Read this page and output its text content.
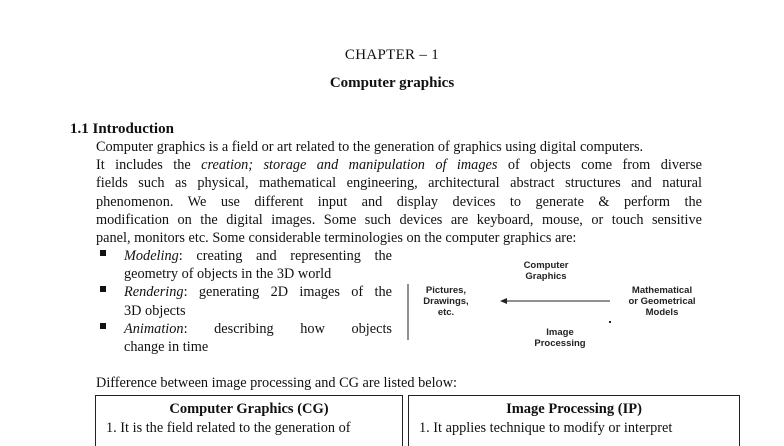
CHAPTER – 1
Computer graphics
1.1 Introduction
Computer graphics is a field or art related to the generation of graphics using digital computers.
It includes the creation; storage and manipulation of images of objects come from diverse
fields such as physical, mathematical engineering, architectural abstract structures and natural
phenomenon. We use different input and display devices to generate & perform the
modification on the digital images. Some such devices are keyboard, mouse, or touch sensitive
panel, monitors etc. Some considerable terminologies on the computer graphics are:
Modeling: creating and representing the
geometry of objects in the 3D world
Rendering: generating 2D images of the
3D objects
Animation: describing how objects
change in time
Computer
Graphics
Pictures,
Drawings,
etc.
Mathematical
or Geometrical
Models
Image
Processing
Difference between image processing and CG are listed below:
Computer Graphics (CG)
1. It is the field related to the generation of
Image Processing (IP)
1. It applies technique to modify or interpret
